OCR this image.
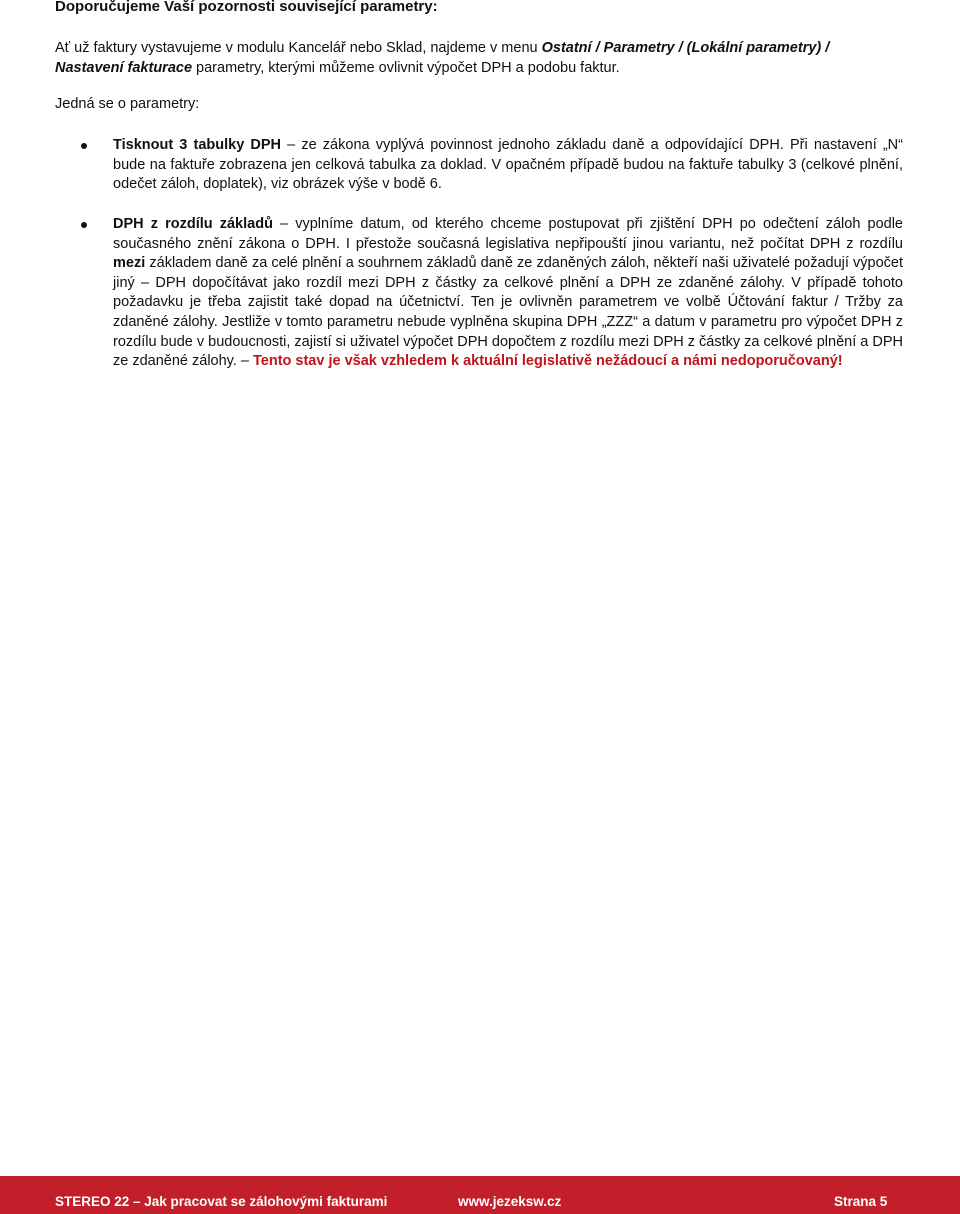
Doporučujeme Vaší pozornosti související parametry:

Ať už faktury vystavujeme v modulu Kancelář nebo Sklad, najdeme v menu Ostatní / Parametry / (Lokální parametry) /
Nastavení fakturace parametry, kterými můžeme ovlivnit výpočet DPH a podobu faktur.

Jedná se o parametry:

Tisknout 3 tabulky DPH – ze zákona vyplývá povinnost jednoho základu daně a odpovídající DPH. Při nastavení „N“ bude na faktuře zobrazena jen celková tabulka za doklad. V opačném případě budou na faktuře tabulky 3 (celkové plnění, odečet záloh, doplatek), viz obrázek výše v bodě 6.

DPH z rozdílu základů – vyplníme datum, od kterého chceme postupovat při zjištění DPH po odečtení záloh podle současného znění zákona o DPH. I přestože současná legislativa nepřipouští jinou variantu, než počítat DPH z rozdílu mezi základem daně za celé plnění a souhrnem základů daně ze zdaněných záloh, někteří naši uživatelé požadují výpočet jiný – DPH dopočítávat jako rozdíl mezi DPH z částky za celkové plnění a DPH ze zdaněné zálohy. V případě tohoto požadavku je třeba zajistit také dopad na účetnictví. Ten je ovlivněn parametrem ve volbě Účtování faktur / Tržby za zdaněné zálohy. Jestliže v tomto parametru nebude vyplněna skupina DPH „ZZZ“ a datum v parametru pro výpočet DPH z rozdílu bude v budoucnosti, zajistí si uživatel výpočet DPH dopočtem z rozdílu mezi DPH z částky za celkové plnění a DPH ze zdaněné zálohy. – Tento stav je však vzhledem k aktuální legislativě nežádoucí a námi nedoporučovaný!

STEREO 22 – Jak pracovat se zálohovými fakturami	www.jezeksw.cz	Strana 5
